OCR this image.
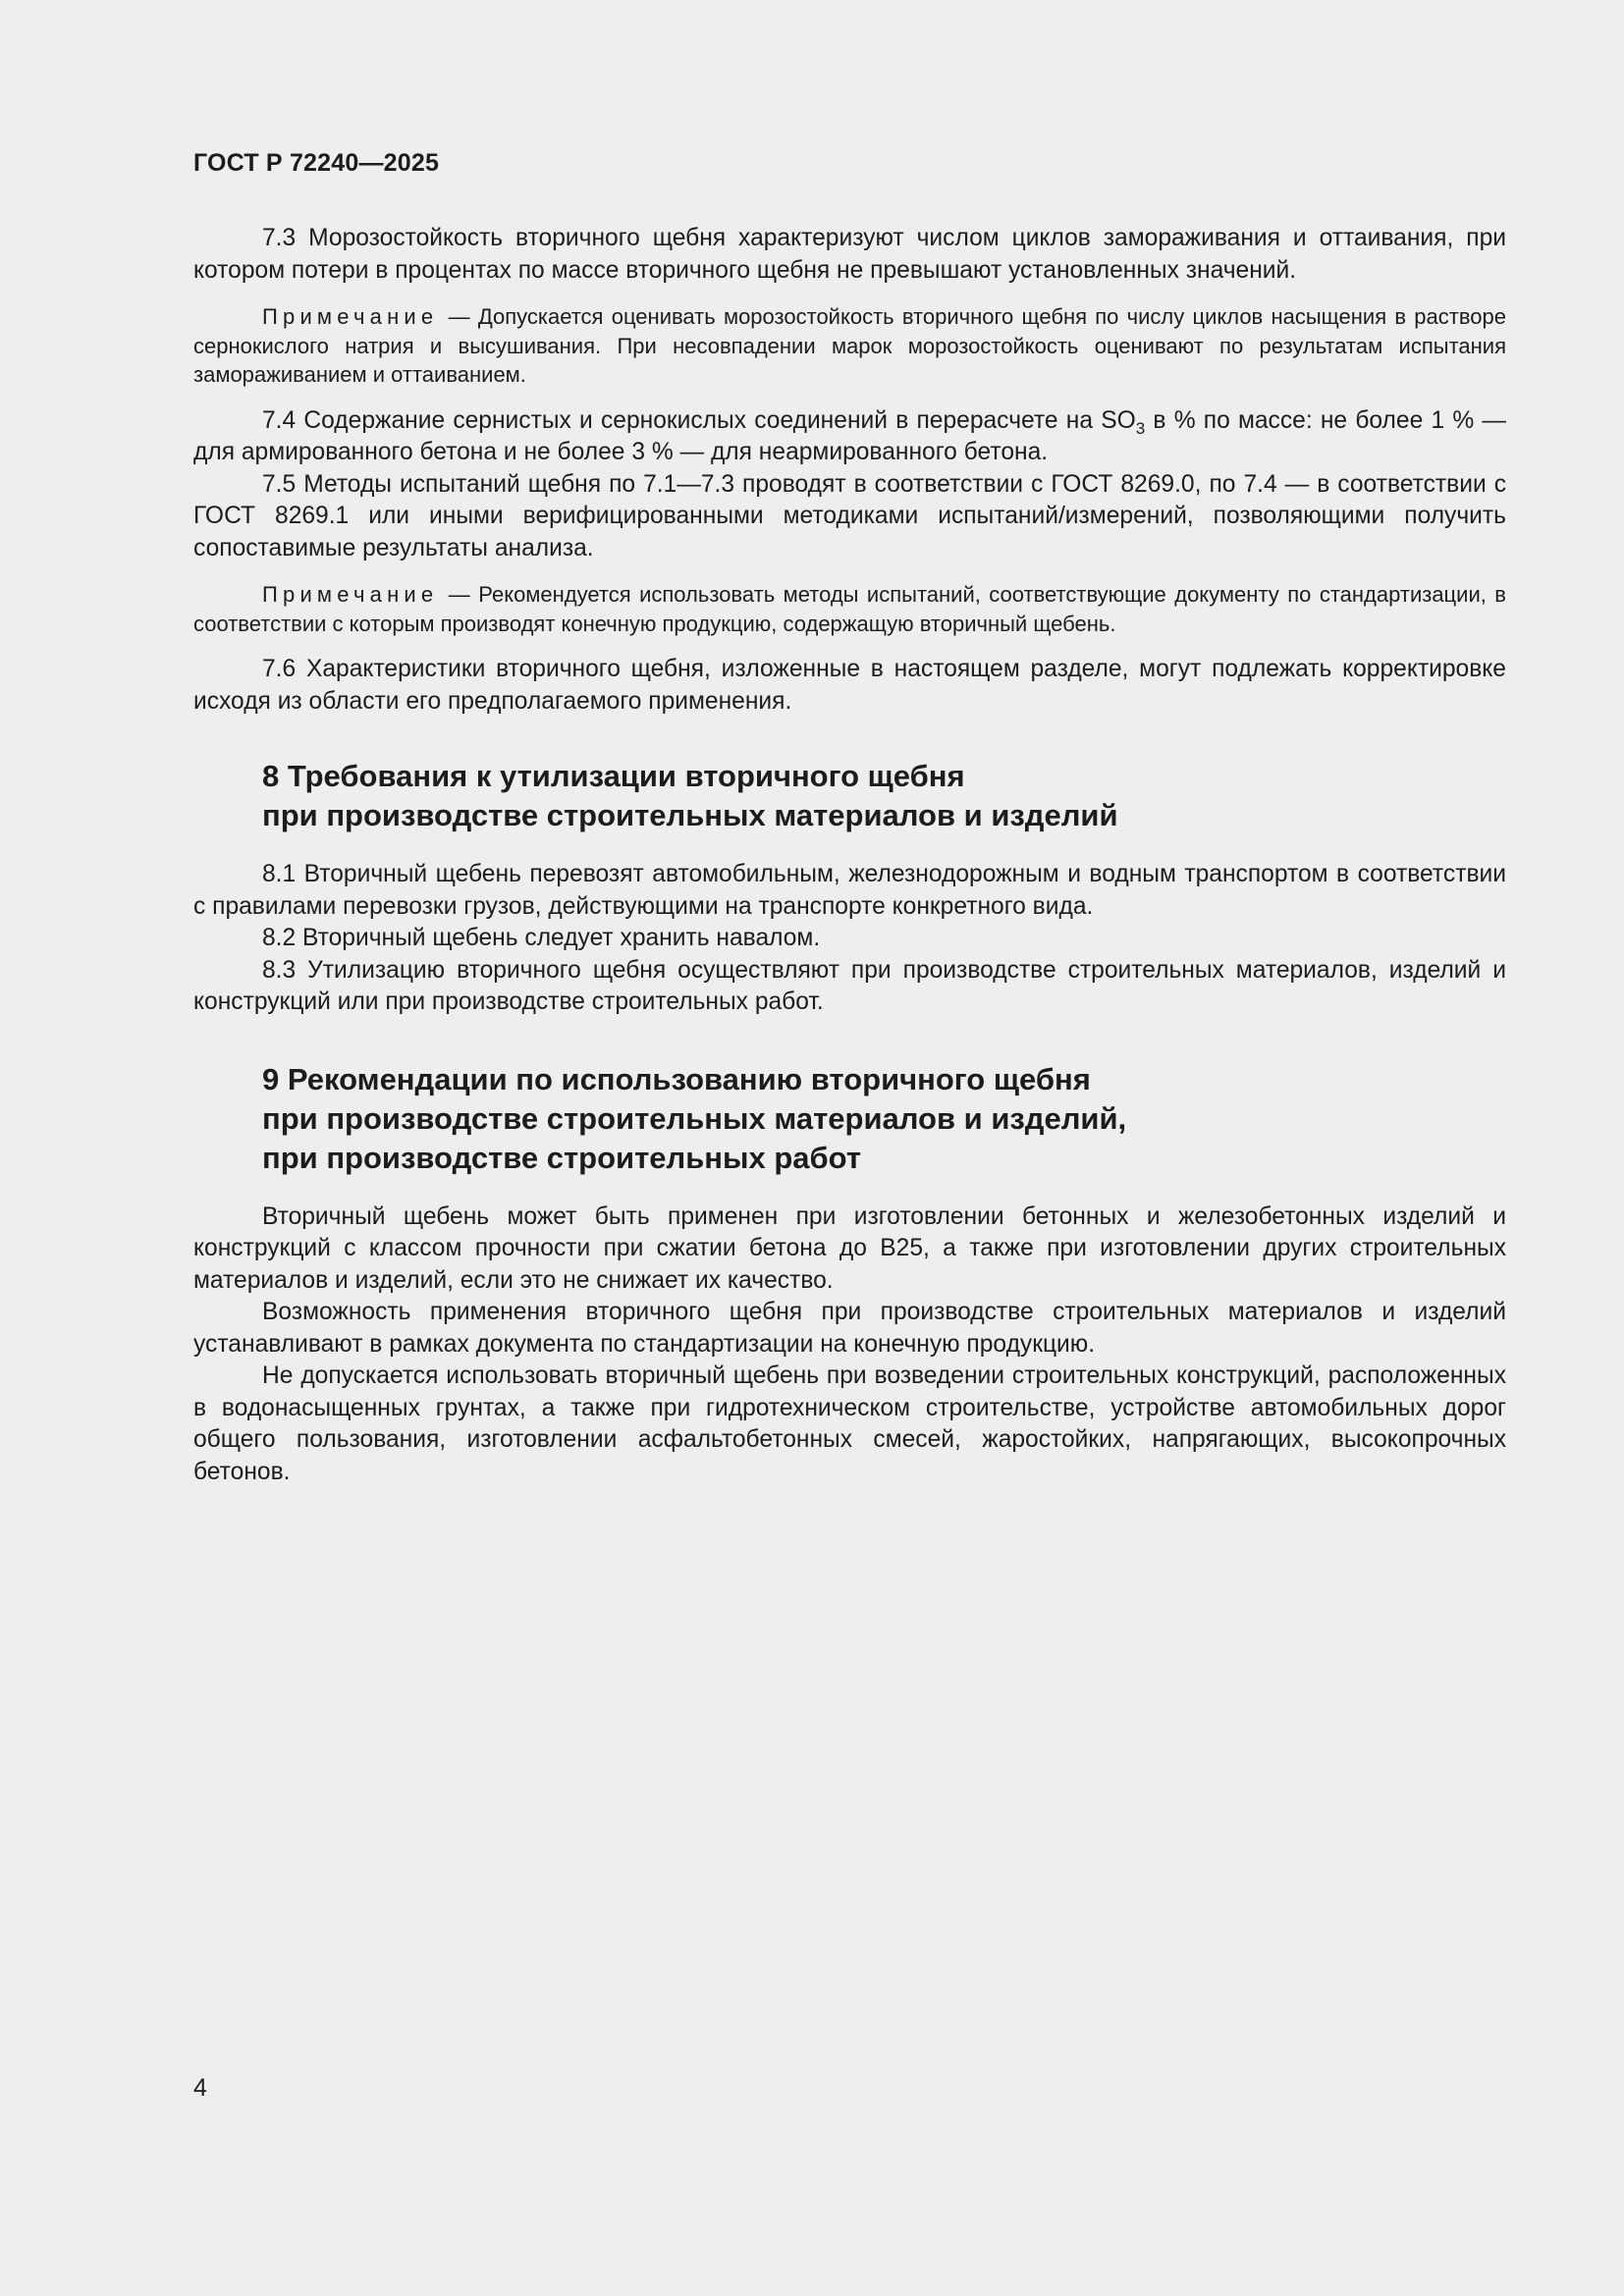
ГОСТ Р 72240—2025

7.3 Морозостойкость вторичного щебня характеризуют числом циклов замораживания и оттаивания, при котором потери в процентах по массе вторичного щебня не превышают установленных значений.

Примечание — Допускается оценивать морозостойкость вторичного щебня по числу циклов насыщения в растворе сернокислого натрия и высушивания. При несовпадении марок морозостойкость оценивают по результатам испытания замораживанием и оттаиванием.

7.4 Содержание сернистых и сернокислых соединений в перерасчете на $SO_3$ в % по массе: не более 1 % — для армированного бетона и не более 3 % — для неармированного бетона.

7.5 Методы испытаний щебня по 7.1—7.3 проводят в соответствии с ГОСТ 8269.0, по 7.4 — в соответствии с ГОСТ 8269.1 или иными верифицированными методиками испытаний/измерений, позволяющими получить сопоставимые результаты анализа.

Примечание — Рекомендуется использовать методы испытаний, соответствующие документу по стандартизации, в соответствии с которым производят конечную продукцию, содержащую вторичный щебень.

7.6 Характеристики вторичного щебня, изложенные в настоящем разделе, могут подлежать корректировке исходя из области его предполагаемого применения.

8 Требования к утилизации вторичного щебня
при производстве строительных материалов и изделий

8.1 Вторичный щебень перевозят автомобильным, железнодорожным и водным транспортом в соответствии с правилами перевозки грузов, действующими на транспорте конкретного вида.

8.2 Вторичный щебень следует хранить навалом.

8.3 Утилизацию вторичного щебня осуществляют при производстве строительных материалов, изделий и конструкций или при производстве строительных работ.

9 Рекомендации по использованию вторичного щебня
при производстве строительных материалов и изделий,
при производстве строительных работ

Вторичный щебень может быть применен при изготовлении бетонных и железобетонных изделий и конструкций с классом прочности при сжатии бетона до В25, а также при изготовлении других строительных материалов и изделий, если это не снижает их качество.

Возможность применения вторичного щебня при производстве строительных материалов и изделий устанавливают в рамках документа по стандартизации на конечную продукцию.

Не допускается использовать вторичный щебень при возведении строительных конструкций, расположенных в водонасыщенных грунтах, а также при гидротехническом строительстве, устройстве автомобильных дорог общего пользования, изготовлении асфальтобетонных смесей, жаростойких, напрягающих, высокопрочных бетонов.

4
